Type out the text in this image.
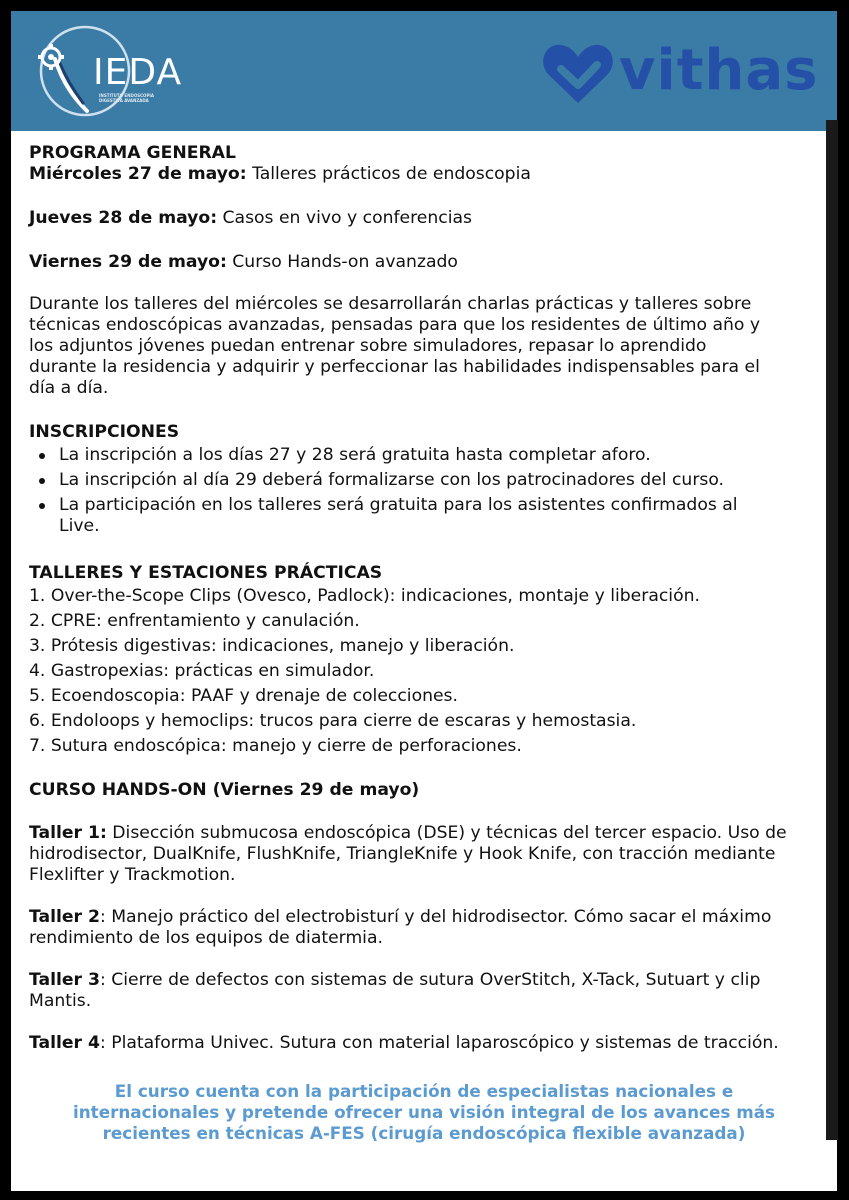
IEDA
INSTITUTO ENDOSCOPIA DIGESTIVA AVANZADA	vithas
PROGRAMA GENERAL
Miércoles 27 de mayo: Talleres prácticos de endoscopia
Jueves 28 de mayo: Casos en vivo y conferencias
Viernes 29 de mayo: Curso Hands-on avanzado
Durante los talleres del miércoles se desarrollarán charlas prácticas y talleres sobre
técnicas endoscópicas avanzadas, pensadas para que los residentes de último año y
los adjuntos jóvenes puedan entrenar sobre simuladores, repasar lo aprendido
durante la residencia y adquirir y perfeccionar las habilidades indispensables para el
día a día.
INSCRIPCIONES
La inscripción a los días 27 y 28 será gratuita hasta completar aforo.
La inscripción al día 29 deberá formalizarse con los patrocinadores del curso.
La participación en los talleres será gratuita para los asistentes confirmados al
Live.
TALLERES Y ESTACIONES PRÁCTICAS
1. Over-the-Scope Clips (Ovesco, Padlock): indicaciones, montaje y liberación.
2. CPRE: enfrentamiento y canulación.
3. Prótesis digestivas: indicaciones, manejo y liberación.
4. Gastropexias: prácticas en simulador.
5. Ecoendoscopia: PAAF y drenaje de colecciones.
6. Endoloops y hemoclips: trucos para cierre de escaras y hemostasia.
7. Sutura endoscópica: manejo y cierre de perforaciones.
CURSO HANDS-ON (Viernes 29 de mayo)
Taller 1: Disección submucosa endoscópica (DSE) y técnicas del tercer espacio. Uso de
hidrodisector, DualKnife, FlushKnife, TriangleKnife y Hook Knife, con tracción mediante
Flexlifter y Trackmotion.
Taller 2: Manejo práctico del electrobisturí y del hidrodisector. Cómo sacar el máximo
rendimiento de los equipos de diatermia.
Taller 3: Cierre de defectos con sistemas de sutura OverStitch, X-Tack, Sutuart y clip
Mantis.
Taller 4: Plataforma Univec. Sutura con material laparoscópico y sistemas de tracción.
El curso cuenta con la participación de especialistas nacionales e
internacionales y pretende ofrecer una visión integral de los avances más
recientes en técnicas A-FES (cirugía endoscópica flexible avanzada)
